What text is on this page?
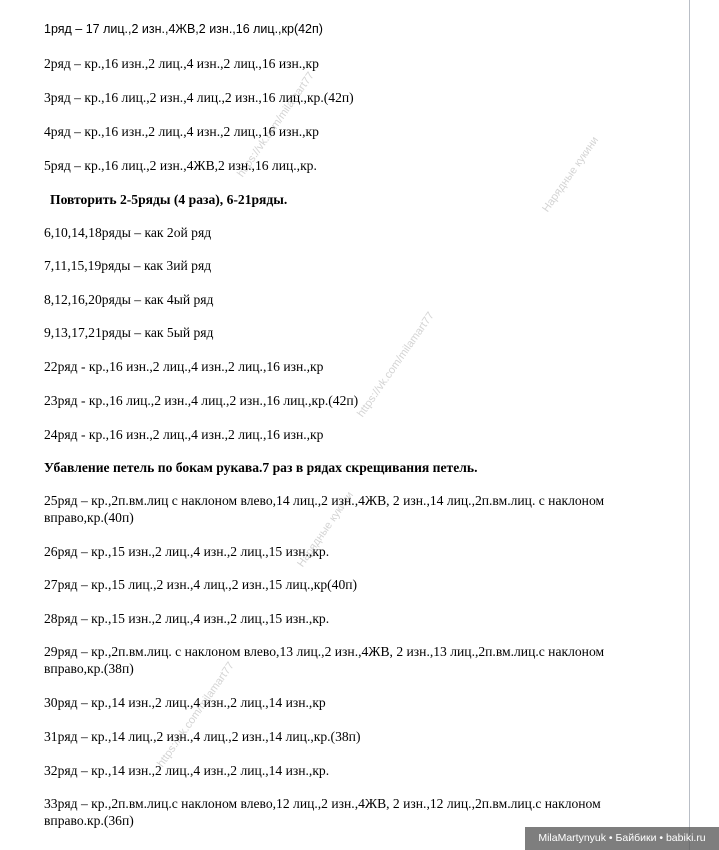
https://vk.com/milamart77	Нарядные кукини
https://vk.com/milamart77
Нарядные кукини
https://vk.com/milamart77
1ряд – 17 лиц.,2 изн.,4ЖВ,2 изн.,16 лиц.,кр(42п)
2ряд – кр.,16 изн.,2 лиц.,4 изн.,2 лиц.,16 изн.,кр
3ряд – кр.,16 лиц.,2 изн.,4 лиц.,2 изн.,16 лиц.,кр.(42п)
4ряд – кр.,16 изн.,2 лиц.,4 изн.,2 лиц.,16 изн.,кр
5ряд – кр.,16 лиц.,2 изн.,4ЖВ,2 изн.,16 лиц.,кр.
Повторить 2-5ряды (4 раза), 6-21ряды.
6,10,14,18ряды – как 2ой ряд
7,11,15,19ряды – как 3ий ряд
8,12,16,20ряды – как 4ый ряд
9,13,17,21ряды – как 5ый ряд
22ряд - кр.,16 изн.,2 лиц.,4 изн.,2 лиц.,16 изн.,кр
23ряд - кр.,16 лиц.,2 изн.,4 лиц.,2 изн.,16 лиц.,кр.(42п)
24ряд - кр.,16 изн.,2 лиц.,4 изн.,2 лиц.,16 изн.,кр
Убавление петель по бокам рукава.7 раз в рядах скрещивания петель.
25ряд – кр.,2п.вм.лиц с наклоном влево,14 лиц.,2 изн.,4ЖВ, 2 изн.,14 лиц.,2п.вм.лиц. с наклоном вправо,кр.(40п)
26ряд – кр.,15 изн.,2 лиц.,4 изн.,2 лиц.,15 изн.,кр.
27ряд – кр.,15 лиц.,2 изн.,4 лиц.,2 изн.,15 лиц.,кр(40п)
28ряд – кр.,15 изн.,2 лиц.,4 изн.,2 лиц.,15 изн.,кр.
29ряд – кр.,2п.вм.лиц. с наклоном влево,13 лиц.,2 изн.,4ЖВ, 2 изн.,13 лиц.,2п.вм.лиц.с наклоном вправо,кр.(38п)
30ряд – кр.,14 изн.,2 лиц.,4 изн.,2 лиц.,14 изн.,кр
31ряд – кр.,14 лиц.,2 изн.,4 лиц.,2 изн.,14 лиц.,кр.(38п)
32ряд – кр.,14 изн.,2 лиц.,4 изн.,2 лиц.,14 изн.,кр.
33ряд – кр.,2п.вм.лиц.с наклоном влево,12 лиц.,2 изн.,4ЖВ, 2 изн.,12 лиц.,2п.вм.лиц.с наклоном вправо.кр.(36п)
MilaMartynyuk • Байбики • babiki.ru
